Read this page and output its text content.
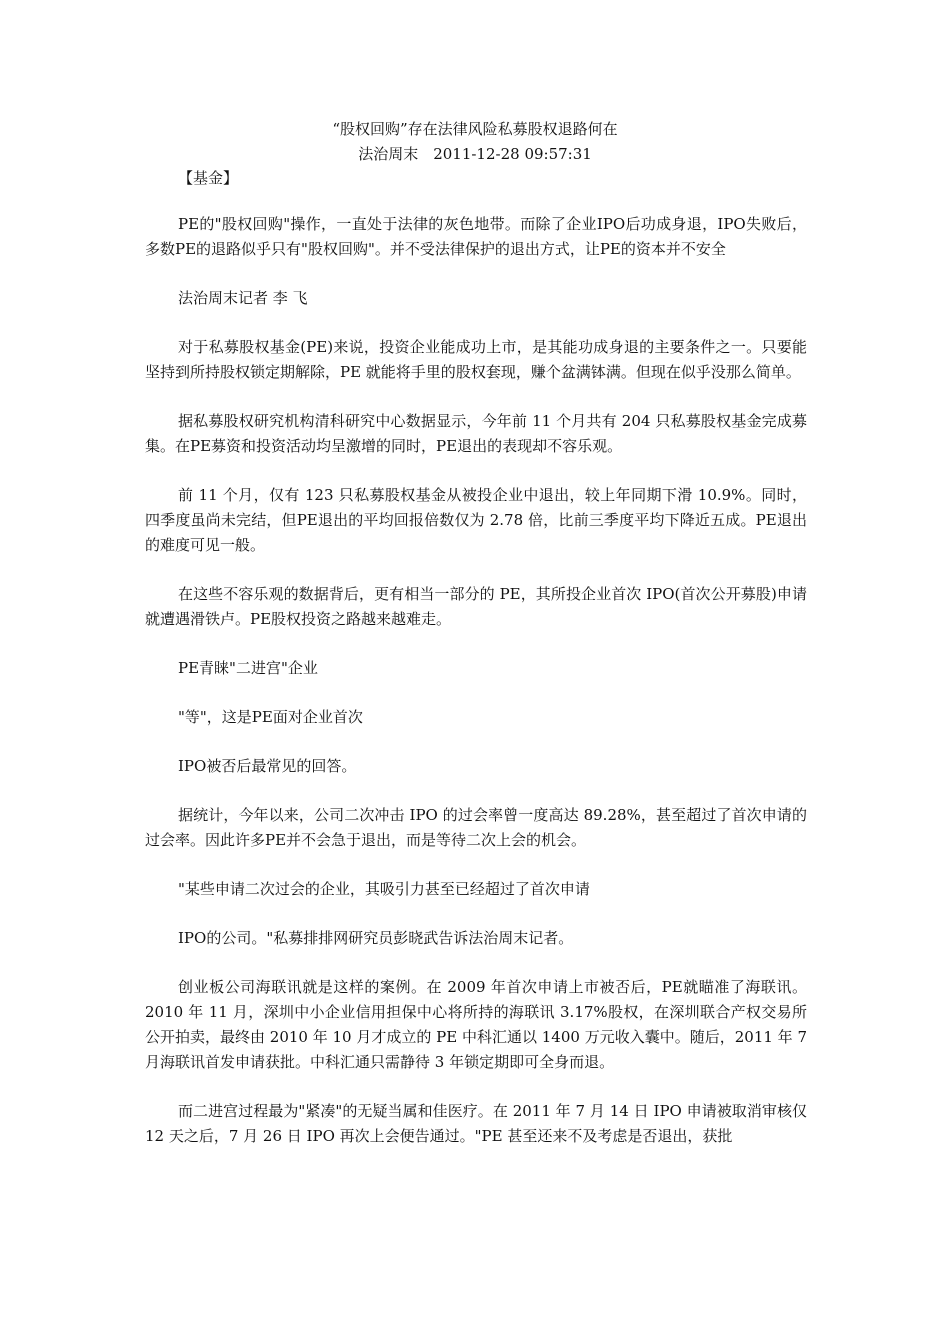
“股权回购”存在法律风险私募股权退路何在
法治周末　2011-12-28 09:57:31
【基金】

PE的"股权回购"操作，一直处于法律的灰色地带。而除了企业IPO后功成身退，IPO失败后，多数PE的退路似乎只有"股权回购"。并不受法律保护的退出方式，让PE的资本并不安全

法治周末记者 李 飞

对于私募股权基金(PE)来说，投资企业能成功上市，是其能功成身退的主要条件之一。只要能坚持到所持股权锁定期解除，PE 就能将手里的股权套现，赚个盆满钵满。但现在似乎没那么简单。

据私募股权研究机构清科研究中心数据显示，今年前 11 个月共有 204 只私募股权基金完成募集。在PE募资和投资活动均呈激增的同时，PE退出的表现却不容乐观。

前 11 个月，仅有 123 只私募股权基金从被投企业中退出，较上年同期下滑 10.9%。同时，四季度虽尚未完结，但PE退出的平均回报倍数仅为 2.78 倍，比前三季度平均下降近五成。PE退出的难度可见一般。

在这些不容乐观的数据背后，更有相当一部分的 PE，其所投企业首次 IPO(首次公开募股)申请就遭遇滑铁卢。PE股权投资之路越来越难走。

PE青睐"二进宫"企业

"等"，这是PE面对企业首次

IPO被否后最常见的回答。

据统计，今年以来，公司二次冲击 IPO 的过会率曾一度高达 89.28%，甚至超过了首次申请的过会率。因此许多PE并不会急于退出，而是等待二次上会的机会。

"某些申请二次过会的企业，其吸引力甚至已经超过了首次申请

IPO的公司。"私募排排网研究员彭晓武告诉法治周末记者。

创业板公司海联讯就是这样的案例。在 2009 年首次申请上市被否后，PE就瞄准了海联讯。2010 年 11 月，深圳中小企业信用担保中心将所持的海联讯 3.17%股权，在深圳联合产权交易所公开拍卖，最终由 2010 年 10 月才成立的 PE 中科汇通以 1400 万元收入囊中。随后，2011 年 7 月海联讯首发申请获批。中科汇通只需静待 3 年锁定期即可全身而退。

而二进宫过程最为"紧凑"的无疑当属和佳医疗。在 2011 年 7 月 14 日 IPO 申请被取消审核仅 12 天之后，7 月 26 日 IPO 再次上会便告通过。"PE 甚至还来不及考虑是否退出，获批
